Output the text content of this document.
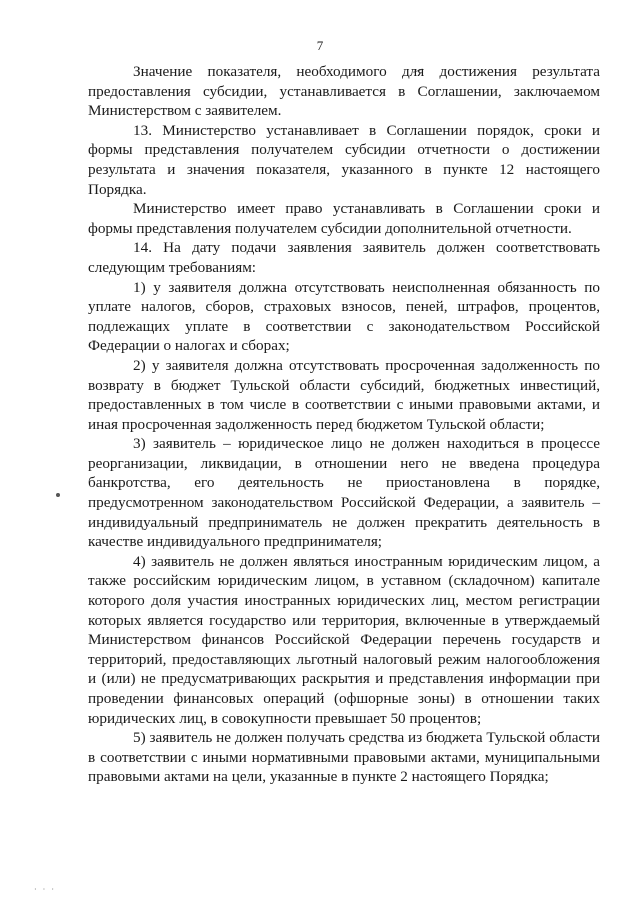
7

Значение показателя, необходимого для достижения результата предоставления субсидии, устанавливается в Соглашении, заключаемом Министерством с заявителем.

13. Министерство устанавливает в Соглашении порядок, сроки и формы представления получателем субсидии отчетности о достижении результата и значения показателя, указанного в пункте 12 настоящего Порядка.

Министерство имеет право устанавливать в Соглашении сроки и формы представления получателем субсидии дополнительной отчетности.

14. На дату подачи заявления заявитель должен соответствовать следующим требованиям:

1) у заявителя должна отсутствовать неисполненная обязанность по уплате налогов, сборов, страховых взносов, пеней, штрафов, процентов, подлежащих уплате в соответствии с законодательством Российской Федерации о налогах и сборах;

2) у заявителя должна отсутствовать просроченная задолженность по возврату в бюджет Тульской области субсидий, бюджетных инвестиций, предоставленных в том числе в соответствии с иными правовыми актами, и иная просроченная задолженность перед бюджетом Тульской области;

3) заявитель – юридическое лицо не должен находиться в процессе реорганизации, ликвидации, в отношении него не введена процедура банкротства, его деятельность не приостановлена в порядке, предусмотренном законодательством Российской Федерации, а заявитель – индивидуальный предприниматель не должен прекратить деятельность в качестве индивидуального предпринимателя;

4) заявитель не должен являться иностранным юридическим лицом, а также российским юридическим лицом, в уставном (складочном) капитале которого доля участия иностранных юридических лиц, местом регистрации которых является государство или территория, включенные в утверждаемый Министерством финансов Российской Федерации перечень государств и территорий, предоставляющих льготный налоговый режим налогообложения и (или) не предусматривающих раскрытия и представления информации при проведении финансовых операций (офшорные зоны) в отношении таких юридических лиц, в совокупности превышает 50 процентов;

5) заявитель не должен получать средства из бюджета Тульской области в соответствии с иными нормативными правовыми актами, муниципальными правовыми актами на цели, указанные в пункте 2 настоящего Порядка;

· · ·
